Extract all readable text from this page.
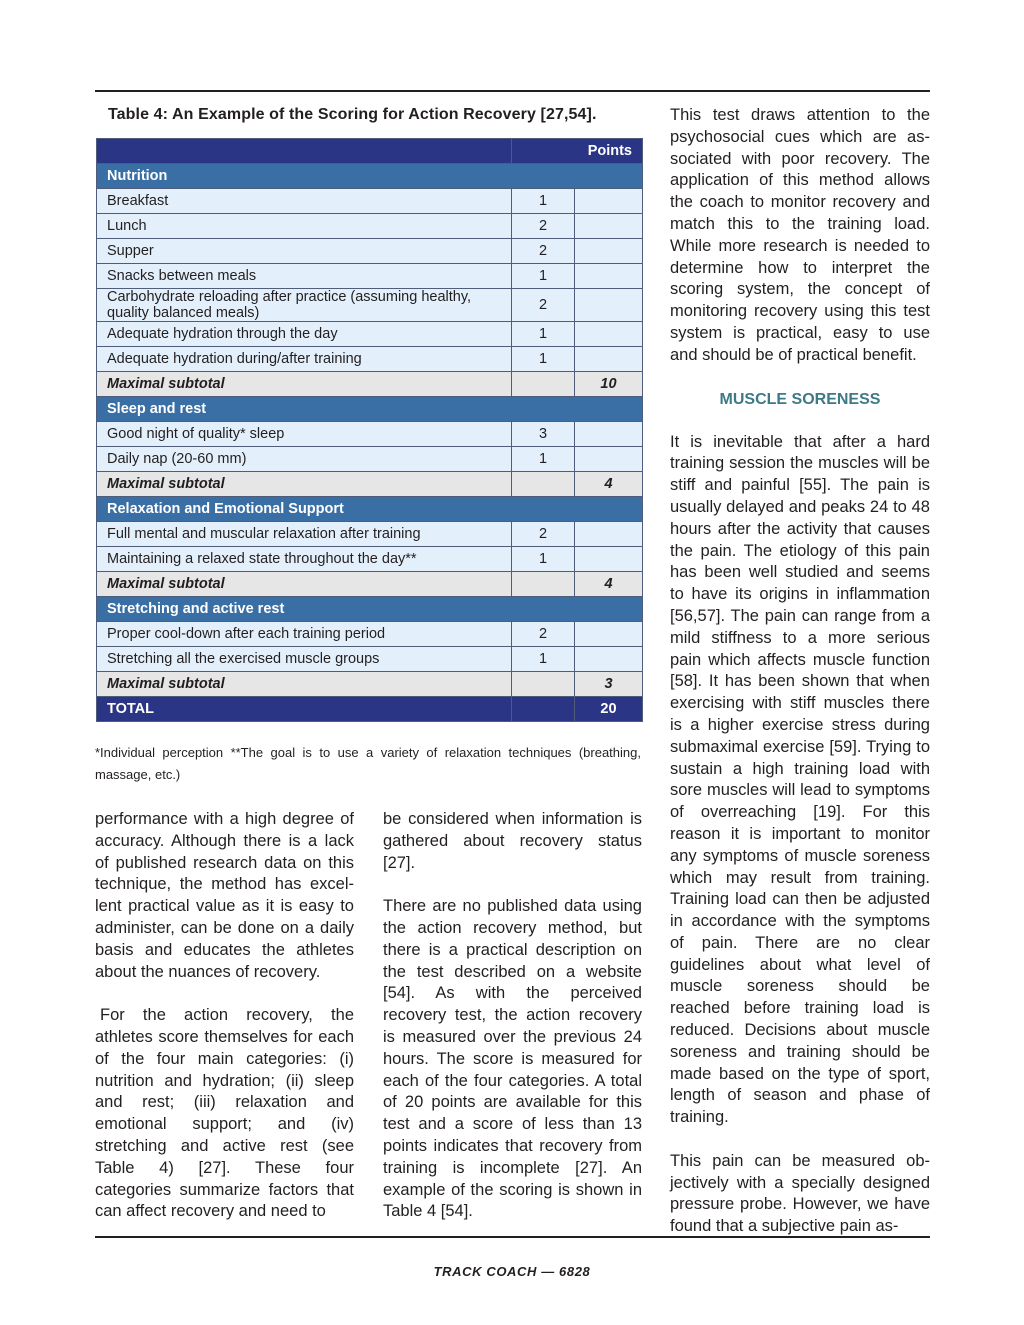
Table 4: An Example of the Scoring for Action Recovery [27,54].
	Points	
Nutrition		
Breakfast	1	
Lunch	2	
Supper	2	
Snacks between meals	1	
Carbohydrate reloading after practice (assuming healthy, quality balanced meals)	2	
Adequate hydration through the day	1	
Adequate hydration during/after training	1	
Maximal subtotal		10
Sleep and rest		
Good night of quality* sleep	3	
Daily nap (20-60 mm)	1	
Maximal subtotal		4
Relaxation and Emotional Support		
Full mental and muscular relaxation after training	2	
Maintaining a relaxed state throughout the day**	1	
Maximal subtotal		4
Stretching and active rest		
Proper cool-down after each training period	2	
Stretching all the exercised muscle groups	1	
Maximal subtotal		3
TOTAL		20
*Individual perception **The goal is to use a variety of relaxation techniques (breathing, massage, etc.)

performance with a high degree of accuracy. Although there is a lack of published research data on this technique, the method has excellent practical value as it is easy to administer, can be done on a daily basis and educates the athletes about the nuances of recovery.

For the action recovery, the athletes score themselves for each of the four main categories: (i) nutrition and hydration; (ii) sleep and rest; (iii) relaxation and emotional support; and (iv) stretching and active rest (see Table 4) [27]. These four categories summarize factors that can affect recovery and need to

be considered when information is gathered about recovery status [27].

There are no published data using the action recovery method, but there is a practical description on the test described on a website [54]. As with the perceived recovery test, the action recovery is measured over the previous 24 hours. The score is measured for each of the four categories. A total of 20 points are available for this test and a score of less than 13 points indicates that recovery from training is incomplete [27]. An example of the scoring is shown in Table 4 [54].

This test draws attention to the psychosocial cues which are associated with poor recovery. The application of this method allows the coach to monitor recovery and match this to the training load. While more research is needed to determine how to interpret the scoring system, the concept of monitoring recovery using this test system is practical, easy to use and should be of practical benefit.

MUSCLE SORENESS

It is inevitable that after a hard training session the muscles will be stiff and painful [55]. The pain is usually delayed and peaks 24 to 48 hours after the activity that causes the pain. The etiology of this pain has been well studied and seems to have its origins in inflammation [56,57]. The pain can range from a mild stiffness to a more serious pain which affects muscle function [58]. It has been shown that when exercising with stiff muscles there is a higher exercise stress during submaximal exercise [59]. Trying to sustain a high training load with sore muscles will lead to symptoms of overreaching [19]. For this reason it is important to monitor any symptoms of muscle soreness which may result from training. Training load can then be adjusted in accordance with the symptoms of pain. There are no clear guidelines about what level of muscle soreness should be reached before training load is reduced. Decisions about muscle soreness and training should be made based on the type of sport, length of season and phase of training.

This pain can be measured objectively with a specially designed pressure probe. However, we have found that a subjective pain as-

TRACK COACH — 6828
